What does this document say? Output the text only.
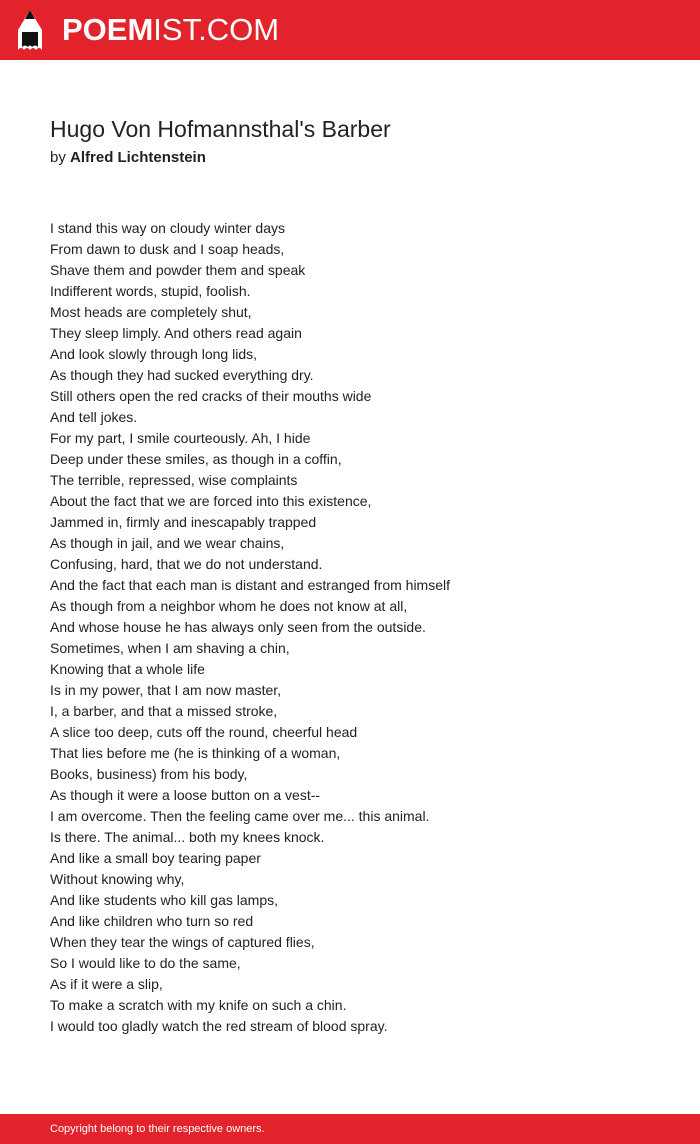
POEMIST.COM
Hugo Von Hofmannsthal's Barber
by Alfred Lichtenstein
I stand this way on cloudy winter days
From dawn to dusk and I soap heads,
Shave them and powder them and speak
Indifferent words, stupid, foolish.
Most heads are completely shut,
They sleep limply. And others read again
And look slowly through long lids,
As though they had sucked everything dry.
Still others open the red cracks of their mouths wide
And tell jokes.
For my part, I smile courteously. Ah, I hide
Deep under these smiles, as though in a coffin,
The terrible, repressed, wise complaints
About the fact that we are forced into this existence,
Jammed in, firmly and inescapably trapped
As though in jail, and we wear chains,
Confusing, hard, that we do not understand.
And the fact that each man is distant and estranged from himself
As though from a neighbor whom he does not know at all,
And whose house he has always only seen from the outside.
Sometimes, when I am shaving a chin,
Knowing that a whole life
Is in my power, that I am now master,
I, a barber, and that a missed stroke,
A slice too deep, cuts off the round, cheerful head
That lies before me (he is thinking of a woman,
Books, business) from his body,
As though it were a loose button on a vest--
I am overcome. Then the feeling came over me... this animal.
Is there. The animal... both my knees knock.
And like a small boy tearing paper
Without knowing why,
And like students who kill gas lamps,
And like children who turn so red
When they tear the wings of captured flies,
So I would like to do the same,
As if it were a slip,
To make a scratch with my knife on such a chin.
I would too gladly watch the red stream of blood spray.
Copyright belong to their respective owners.
